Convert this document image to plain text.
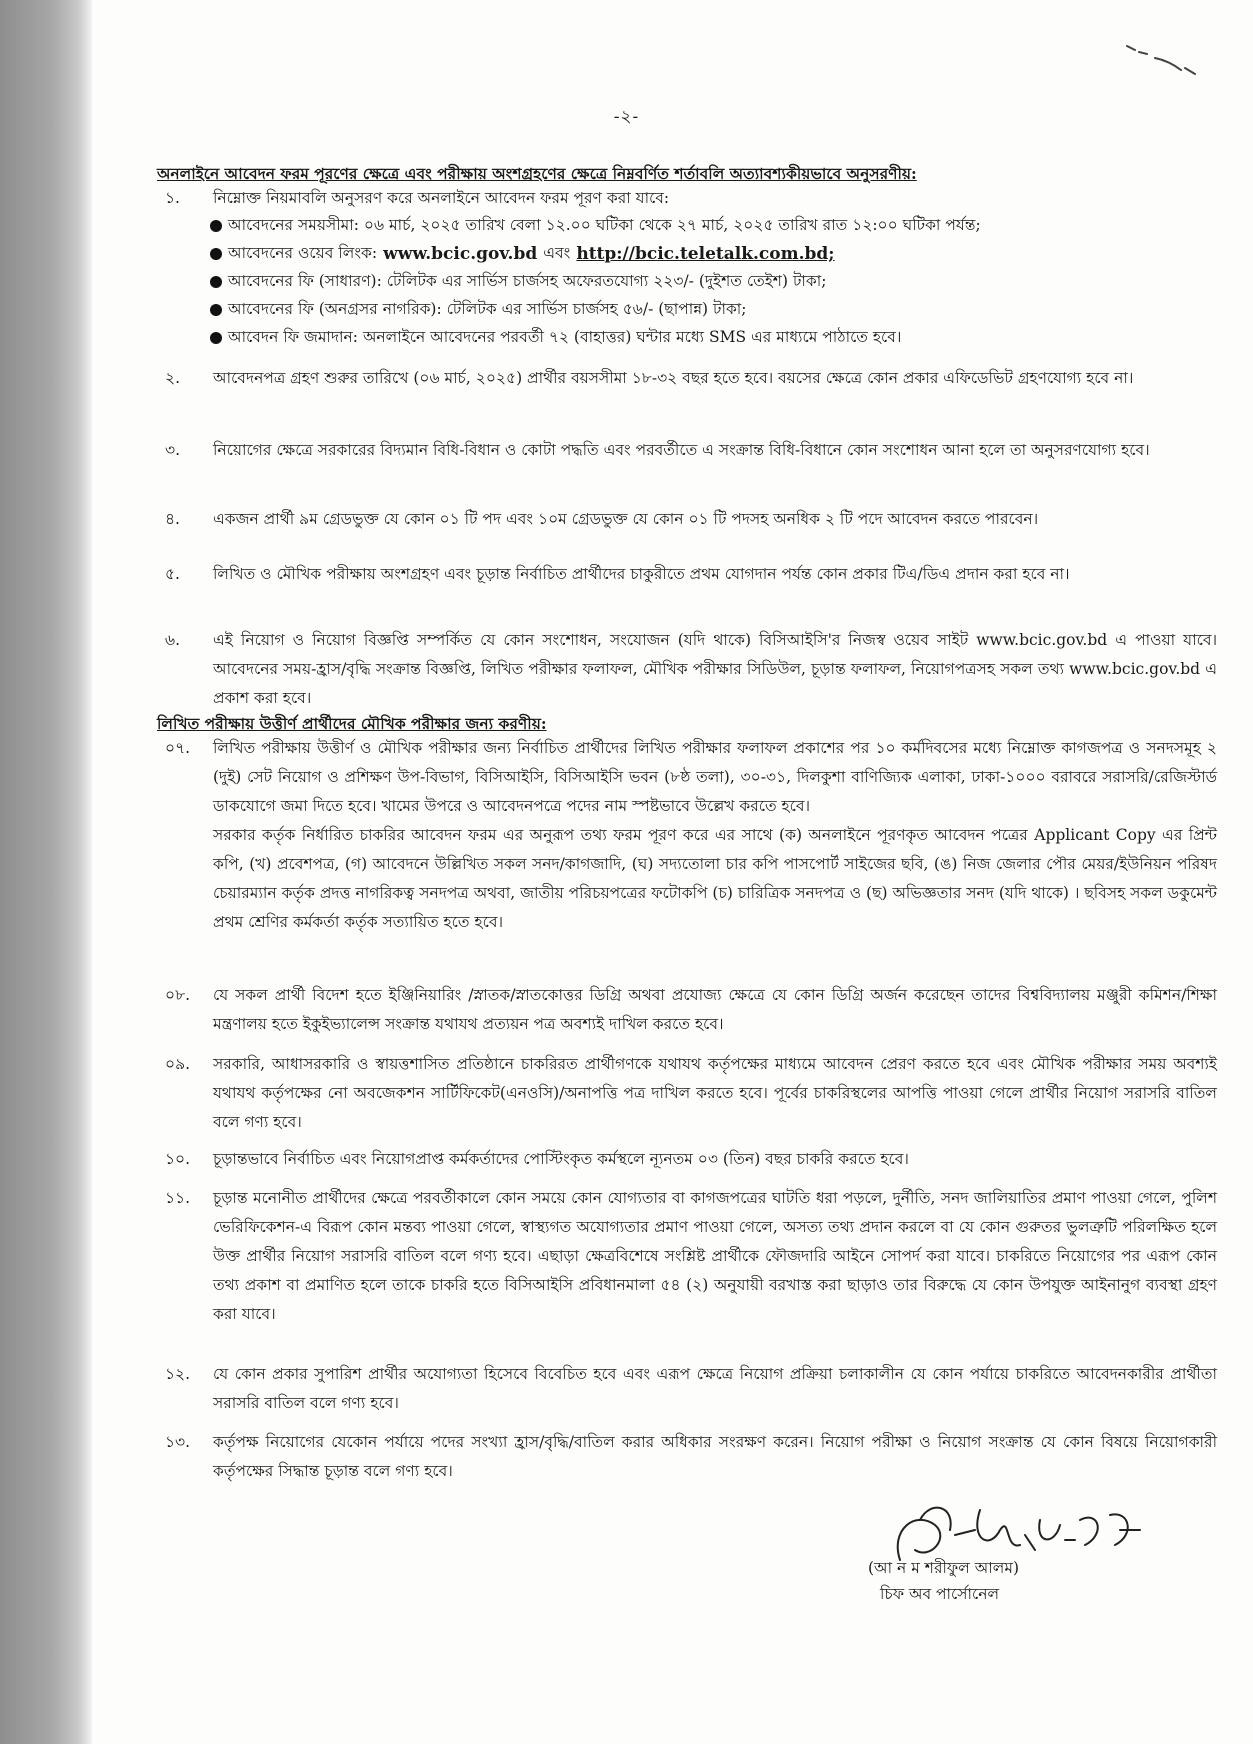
-২-
অনলাইনে আবেদন ফরম পূরণের ক্ষেত্রে এবং পরীক্ষায় অংশগ্রহণের ক্ষেত্রে নিম্নবর্ণিত শর্তাবলি অত্যাবশ্যকীয়ভাবে অনুসরণীয়:
১.	নিম্নোক্ত নিয়মাবলি অনুসরণ করে অনলাইনে আবেদন ফরম পূরণ করা যাবে:
আবেদনের সময়সীমা: ০৬ মার্চ, ২০২৫ তারিখ বেলা ১২.০০ ঘটিকা থেকে ২৭ মার্চ, ২০২৫ তারিখ রাত ১২:০০ ঘটিকা পর্যন্ত;
আবেদনের ওয়েব লিংক: www.bcic.gov.bd এবং http://bcic.teletalk.com.bd;
আবেদনের ফি (সাধারণ): টেলিটক এর সার্ভিস চার্জসহ অফেরতযোগ্য ২২৩/- (দুইশত তেইশ) টাকা;
আবেদনের ফি (অনগ্রসর নাগরিক): টেলিটক এর সার্ভিস চার্জসহ ৫৬/- (ছাপান্ন) টাকা;
আবেদন ফি জমাদান: অনলাইনে আবেদনের পরবর্তী ৭২ (বাহাত্তর) ঘন্টার মধ্যে SMS এর মাধ্যমে পাঠাতে হবে।
২.	আবেদনপত্র গ্রহণ শুরুর তারিখে (০৬ মার্চ, ২০২৫) প্রার্থীর বয়সসীমা ১৮-৩২ বছর হতে হবে। বয়সের ক্ষেত্রে কোন প্রকার এফিডেভিট গ্রহণযোগ্য হবে না।
৩.	নিয়োগের ক্ষেত্রে সরকারের বিদ্যমান বিধি-বিধান ও কোটা পদ্ধতি এবং পরবর্তীতে এ সংক্রান্ত বিধি-বিধানে কোন সংশোধন আনা হলে তা অনুসরণযোগ্য হবে।
৪.	একজন প্রার্থী ৯ম গ্রেডভুক্ত যে কোন ০১ টি পদ এবং ১০ম গ্রেডভুক্ত যে কোন ০১ টি পদসহ অনধিক ২ টি পদে আবেদন করতে পারবেন।
৫.	লিখিত ও মৌখিক পরীক্ষায় অংশগ্রহণ এবং চূড়ান্ত নির্বাচিত প্রার্থীদের চাকুরীতে প্রথম যোগদান পর্যন্ত কোন প্রকার টিএ/ডিএ প্রদান করা হবে না।
৬.	এই নিয়োগ ও নিয়োগ বিজ্ঞপ্তি সম্পর্কিত যে কোন সংশোধন, সংযোজন (যদি থাকে) বিসিআইসি'র নিজস্ব ওয়েব সাইট www.bcic.gov.bd এ পাওয়া যাবে। আবেদনের সময়-হ্রাস/বৃদ্ধি সংক্রান্ত বিজ্ঞপ্তি, লিখিত পরীক্ষার ফলাফল, মৌখিক পরীক্ষার সিডিউল, চূড়ান্ত ফলাফল, নিয়োগপত্রসহ সকল তথ্য www.bcic.gov.bd এ প্রকাশ করা হবে।
লিখিত পরীক্ষায় উত্তীর্ণ প্রার্থীদের মৌখিক পরীক্ষার জন্য করণীয়:
০৭.	লিখিত পরীক্ষায় উত্তীর্ণ ও মৌখিক পরীক্ষার জন্য নির্বাচিত প্রার্থীদের লিখিত পরীক্ষার ফলাফল প্রকাশের পর ১০ কর্মদিবসের মধ্যে নিম্নোক্ত কাগজপত্র ও সনদসমূহ ২ (দুই) সেট নিয়োগ ও প্রশিক্ষণ উপ-বিভাগ, বিসিআইসি, বিসিআইসি ভবন (৮ষ্ঠ তলা), ৩০-৩১, দিলকুশা বাণিজ্যিক এলাকা, ঢাকা-১০০০ বরাবরে সরাসরি/রেজিস্টার্ড ডাকযোগে জমা দিতে হবে। খামের উপরে ও আবেদনপত্রে পদের নাম স্পষ্টভাবে উল্লেখ করতে হবে।
সরকার কর্তৃক নির্ধারিত চাকরির আবেদন ফরম এর অনুরূপ তথ্য ফরম পূরণ করে এর সাথে (ক) অনলাইনে পূরণকৃত আবেদন পত্রের Applicant Copy এর প্রিন্ট কপি, (খ) প্রবেশপত্র, (গ) আবেদনে উল্লিখিত সকল সনদ/কাগজাদি, (ঘ) সদ্যতোলা চার কপি পাসপোর্ট সাইজের ছবি, (ঙ) নিজ জেলার পৌর মেয়র/ইউনিয়ন পরিষদ চেয়ারম্যান কর্তৃক প্রদত্ত নাগরিকত্ব সনদপত্র অথবা, জাতীয় পরিচয়পত্রের ফটোকপি (চ) চারিত্রিক সনদপত্র ও (ছ) অভিজ্ঞতার সনদ (যদি থাকে) । ছবিসহ সকল ডকুমেন্ট প্রথম শ্রেণির কর্মকর্তা কর্তৃক সত্যায়িত হতে হবে।
০৮.	যে সকল প্রার্থী বিদেশ হতে ইঞ্জিনিয়ারিং /স্নাতক/স্নাতকোত্তর ডিগ্রি অথবা প্রযোজ্য ক্ষেত্রে যে কোন ডিগ্রি অর্জন করেছেন তাদের বিশ্ববিদ্যালয় মঞ্জুরী কমিশন/শিক্ষা মন্ত্রণালয় হতে ইকুইভ্যালেন্স সংক্রান্ত যথাযথ প্রত্যয়ন পত্র অবশ্যই দাখিল করতে হবে।
০৯.	সরকারি, আধাসরকারি ও স্বায়ত্তশাসিত প্রতিষ্ঠানে চাকরিরত প্রার্থীগণকে যথাযথ কর্তৃপক্ষের মাধ্যমে আবেদন প্রেরণ করতে হবে এবং মৌখিক পরীক্ষার সময় অবশ্যই যথাযথ কর্তৃপক্ষের নো অবজেকশন সার্টিফিকেট(এনওসি)/অনাপত্তি পত্র দাখিল করতে হবে। পূর্বের চাকরিস্থলের আপত্তি পাওয়া গেলে প্রার্থীর নিয়োগ সরাসরি বাতিল বলে গণ্য হবে।
১০.	চূড়ান্তভাবে নির্বাচিত এবং নিয়োগপ্রাপ্ত কর্মকর্তাদের পোস্টিংকৃত কর্মস্থলে ন্যূনতম ০৩ (তিন) বছর চাকরি করতে হবে।
১১.	চূড়ান্ত মনোনীত প্রার্থীদের ক্ষেত্রে পরবর্তীকালে কোন সময়ে কোন যোগ্যতার বা কাগজপত্রের ঘাটতি ধরা পড়লে, দুর্নীতি, সনদ জালিয়াতির প্রমাণ পাওয়া গেলে, পুলিশ ভেরিফিকেশন-এ বিরূপ কোন মন্তব্য পাওয়া গেলে, স্বাস্থ্যগত অযোগ্যতার প্রমাণ পাওয়া গেলে, অসত্য তথ্য প্রদান করলে বা যে কোন গুরুতর ভুলত্রুটি পরিলক্ষিত হলে উক্ত প্রার্থীর নিয়োগ সরাসরি বাতিল বলে গণ্য হবে। এছাড়া ক্ষেত্রবিশেষে সংশ্লিষ্ট প্রার্থীকে ফৌজদারি আইনে সোপর্দ করা যাবে। চাকরিতে নিয়োগের পর এরূপ কোন তথ্য প্রকাশ বা প্রমাণিত হলে তাকে চাকরি হতে বিসিআইসি প্রবিধানমালা ৫৪ (২) অনুযায়ী বরখাস্ত করা ছাড়াও তার বিরুদ্ধে যে কোন উপযুক্ত আইনানুগ ব্যবস্থা গ্রহণ করা যাবে।
১২.	যে কোন প্রকার সুপারিশ প্রার্থীর অযোগ্যতা হিসেবে বিবেচিত হবে এবং এরূপ ক্ষেত্রে নিয়োগ প্রক্রিয়া চলাকালীন যে কোন পর্যায়ে চাকরিতে আবেদনকারীর প্রার্থীতা সরাসরি বাতিল বলে গণ্য হবে।
১৩.	কর্তৃপক্ষ নিয়োগের যেকোন পর্যায়ে পদের সংখ্যা হ্রাস/বৃদ্ধি/বাতিল করার অধিকার সংরক্ষণ করেন। নিয়োগ পরীক্ষা ও নিয়োগ সংক্রান্ত যে কোন বিষয়ে নিয়োগকারী কর্তৃপক্ষের সিদ্ধান্ত চূড়ান্ত বলে গণ্য হবে।
(আ ন ম শরীফুল আলম)
চিফ অব পার্সোনেল
